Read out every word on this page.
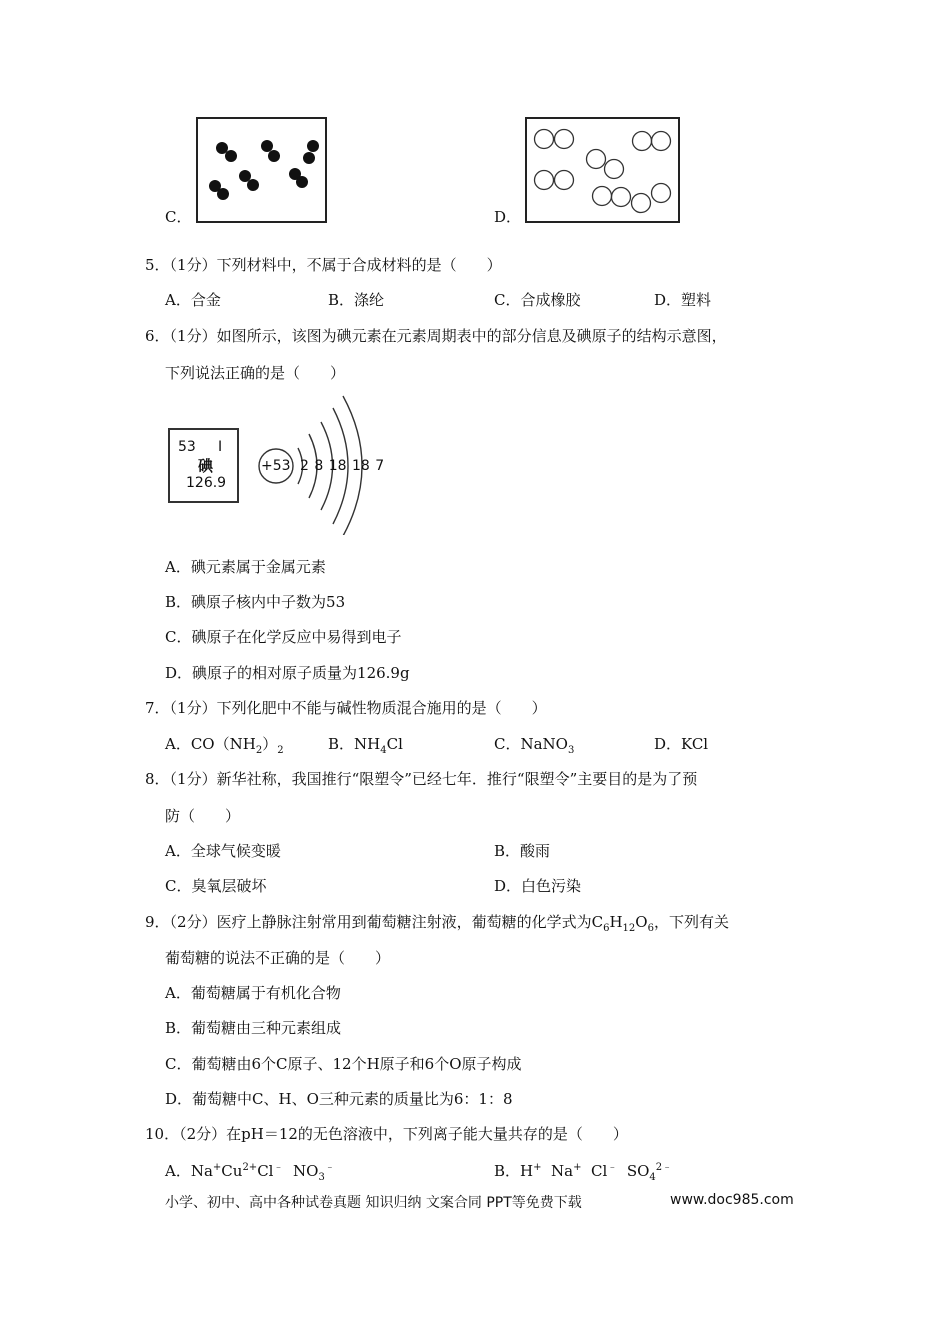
C．	D．
5．（1分）下列材料中，不属于合成材料的是（　　）
A．合金	B．涤纶	C．合成橡胶	D．塑料
6．（1分）如图所示，该图为碘元素在元素周期表中的部分信息及碘原子的结构示意图，
下列说法正确的是（　　）
53 I
碘
126.9
+53 2 8 18 18 7
A．碘元素属于金属元素
B．碘原子核内中子数为53
C．碘原子在化学反应中易得到电子
D．碘原子的相对原子质量为126.9g
7．（1分）下列化肥中不能与碱性物质混合施用的是（　　）
A．$CO(NH_2)_2$	B．$NH_4Cl$	C．NaNO$_3$	D．KCl
8．（1分）新华社称，我国推行“限塑令”已经七年．推行“限塑令”主要目的是为了预
防（　　）
A．全球气候变暖	B．酸雨
C．臭氧层破坏	D．白色污染
9．（2分）医疗上静脉注射常用到葡萄糖注射液，葡萄糖的化学式为$C_6H_{12}O_6$，下列有关
葡萄糖的说法不正确的是（　　）
A．葡萄糖属于有机化合物
B．葡萄糖由三种元素组成
C．葡萄糖由6个C原子、12个H原子和6个O原子构成
D．葡萄糖中C、H、O三种元素的质量比为6：1：8
10．（2分）在pH＝12的无色溶液中，下列离子能大量共存的是（　　）
A．$Na^+Cu^{2+}Cl^﹣$  $NO_3^﹣$	B．H+  Na+  Cl﹣  $SO_4^{2﹣}$
小学、初中、高中各种试卷真题 知识归纳 文案合同 PPT等免费下载	www.doc985.com
